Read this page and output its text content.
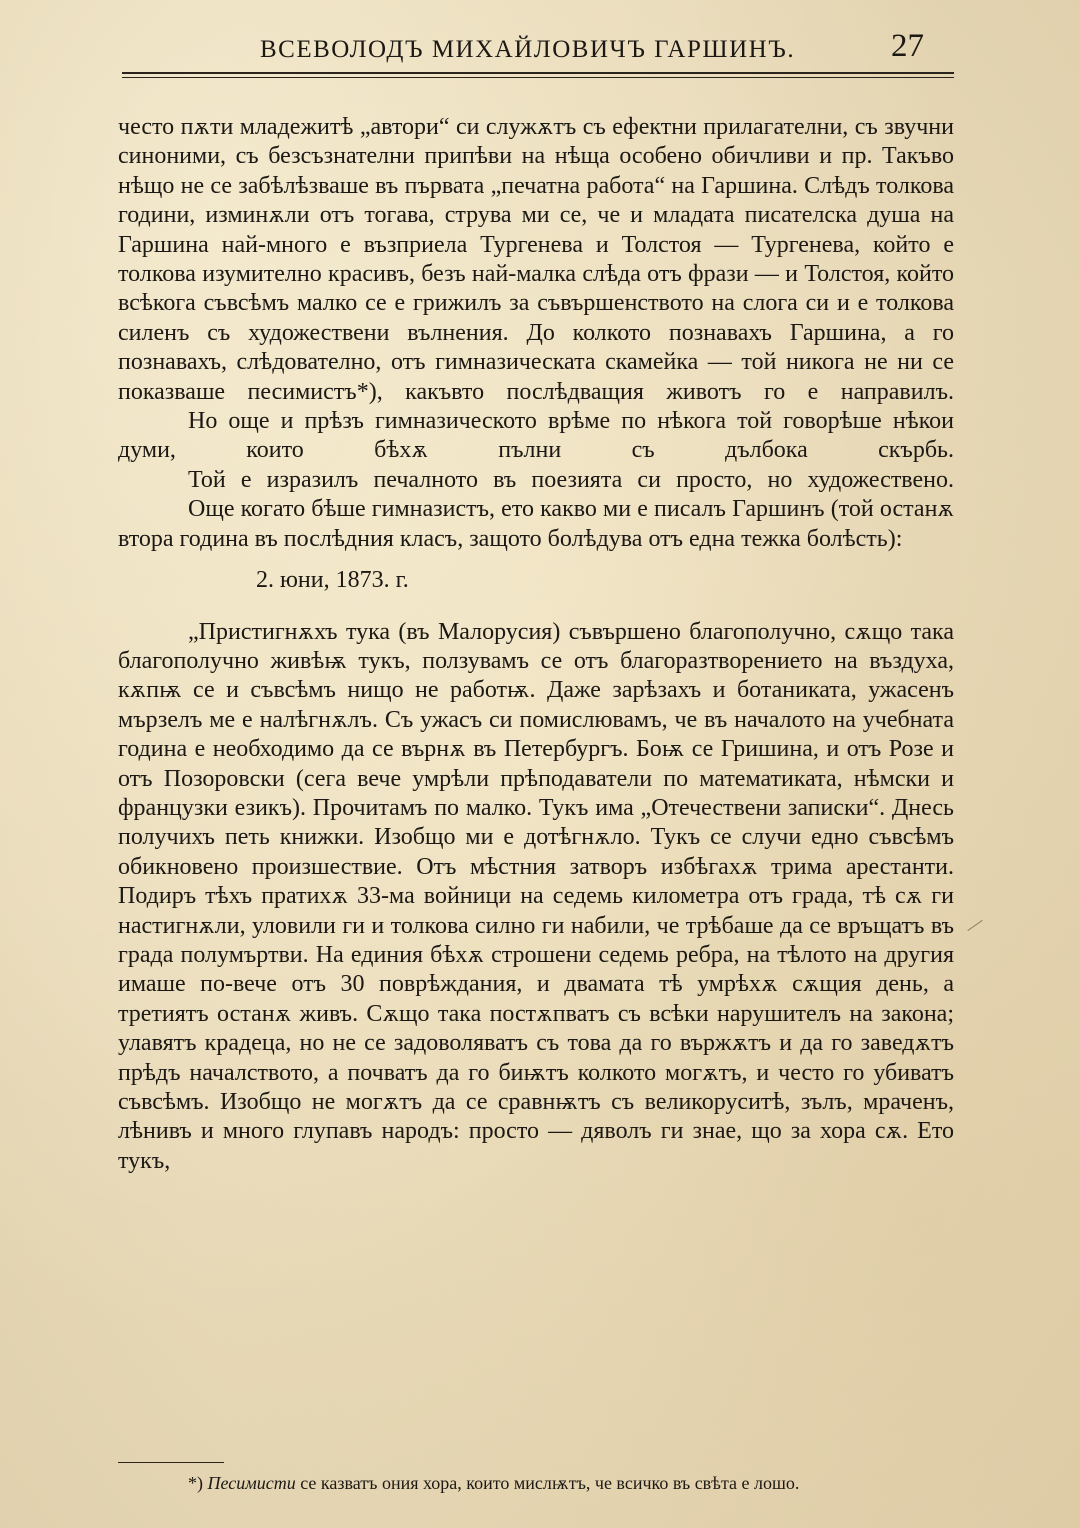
ВСЕВОЛОДЪ МИХАЙЛОВИЧЪ ГАРШИНЪ.	27

често пѫти младежитѣ „автори“ си служѫтъ съ ефектни прилагателни, съ звучни синоними, съ безсъзнателни припѣви на нѣща особено обичливи и пр. Такъво нѣщо не се забѣлѣзваше въ първата „печатна работа“ на Гаршина. Слѣдъ толкова години, изминѫли отъ тогава, струва ми се, че и младата писателска душа на Гаршина най-много е възприела Тургенева и Толстоя — Тургенева, който е толкова изумително красивъ, безъ най-малка слѣда отъ фрази — и Толстоя, който всѣкога съвсѣмъ малко се е грижилъ за съвършенството на слога си и е толкова силенъ съ художествени вълнения. До колкото познавахъ Гаршина, а го познавахъ, слѣдователно, отъ гимназическата скамейка — той никога не ни се показваше песимистъ*), какъвто послѣдващия животъ го е направилъ.

Но още и прѣзъ гимназическото врѣме по нѣкога той говорѣше нѣкои думи, които бѣхѫ пълни съ дълбока скърбь.

Той е изразилъ печалното въ поезията си просто, но художествено.

Още когато бѣше гимназистъ, ето какво ми е писалъ Гаршинъ (той останѫ втора година въ послѣдния класъ, защото болѣдува отъ една тежка болѣсть):

2. юни, 1873. г.

„Пристигнѫхъ тука (въ Малорусия) съвършено благополучно, сѫщо така благополучно живѣѭ тукъ, ползувамъ се отъ благоразтворението на въздуха, кѫпѭ се и съвсѣмъ нищо не работѭ. Даже зарѣзахъ и ботаниката, ужасенъ мързелъ ме е налѣгнѫлъ. Съ ужасъ си помислювамъ, че въ началото на учебната година е необходимо да се върнѫ въ Петербургъ. Боѭ се Гришина, и отъ Розе и отъ Позоровски (сега вече умрѣли прѣподаватели по математиката, нѣмски и французки езикъ). Прочитамъ по малко. Тукъ има „Отечествени записки“. Днесь получихъ петь книжки. Изобщо ми е дотѣгнѫло. Тукъ се случи едно съвсѣмъ обикновено произшествие. Отъ мѣстния затворъ избѣгахѫ трима арестанти. Подиръ тѣхъ пратихѫ 33-ма войници на седемь километра отъ града, тѣ сѫ ги настигнѫли, уловили ги и толкова силно ги набили, че трѣбаше да се връщатъ въ града полумъртви. На единия бѣхѫ строшени седемь ребра, на тѣлото на другия имаше по-вече отъ 30 поврѣждания, и двамата тѣ умрѣхѫ сѫщия день, а третиятъ останѫ живъ. Сѫщо така постѫпватъ съ всѣки нарушителъ на закона; улавятъ крадеца, но не се задоволяватъ съ това да го вържѫтъ и да го заведѫтъ прѣдъ началството, а почватъ да го биѭтъ колкото могѫтъ, и често го убиватъ съвсѣмъ. Изобщо не могѫтъ да се сравнѭтъ съ великоруситѣ, зълъ, мраченъ, лѣнивъ и много глупавъ народъ: просто — дяволъ ги знае, що за хора сѫ. Ето тукъ,

*) Песимисти се казватъ ония хора, които мислѭтъ, че всичко въ свѣта е лошо.
